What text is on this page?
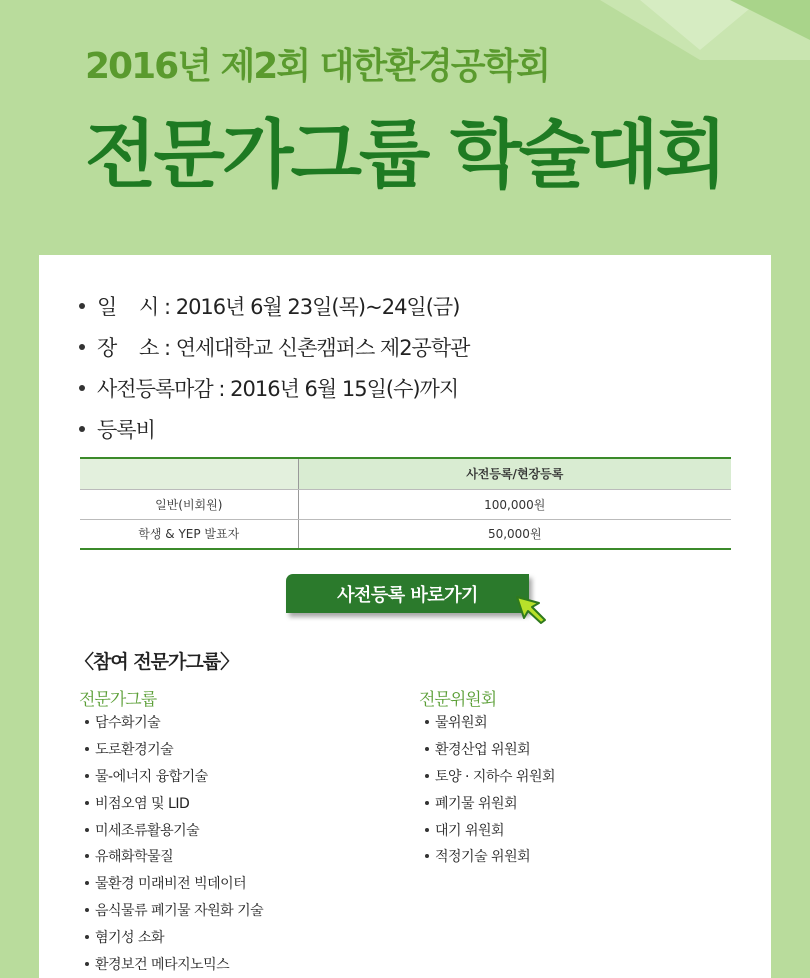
2016년 제2회 대한환경공학회
전문가그룹 학술대회
일    시 : 2016년 6월 23일(목)~24일(금)
장    소 : 연세대학교 신촌캠퍼스 제2공학관
사전등록마감 : 2016년 6월 15일(수)까지
등록비
	사전등록/현장등록
일반(비회원)	100,000원
학생 & YEP 발표자	50,000원
사전등록 바로가기
〈참여 전문가그룹〉
전문가그룹
담수화기술
도로환경기술
물-에너지 융합기술
비점오염 및 LID
미세조류활용기술
유해화학물질
물환경 미래비전 빅데이터
음식물류 폐기물 자원화 기술
혐기성 소화
환경보건 메타지노믹스
전문위원회
물위원회
환경산업 위원회
토양 · 지하수 위원회
폐기물 위원회
대기 위원회
적정기술 위원회
